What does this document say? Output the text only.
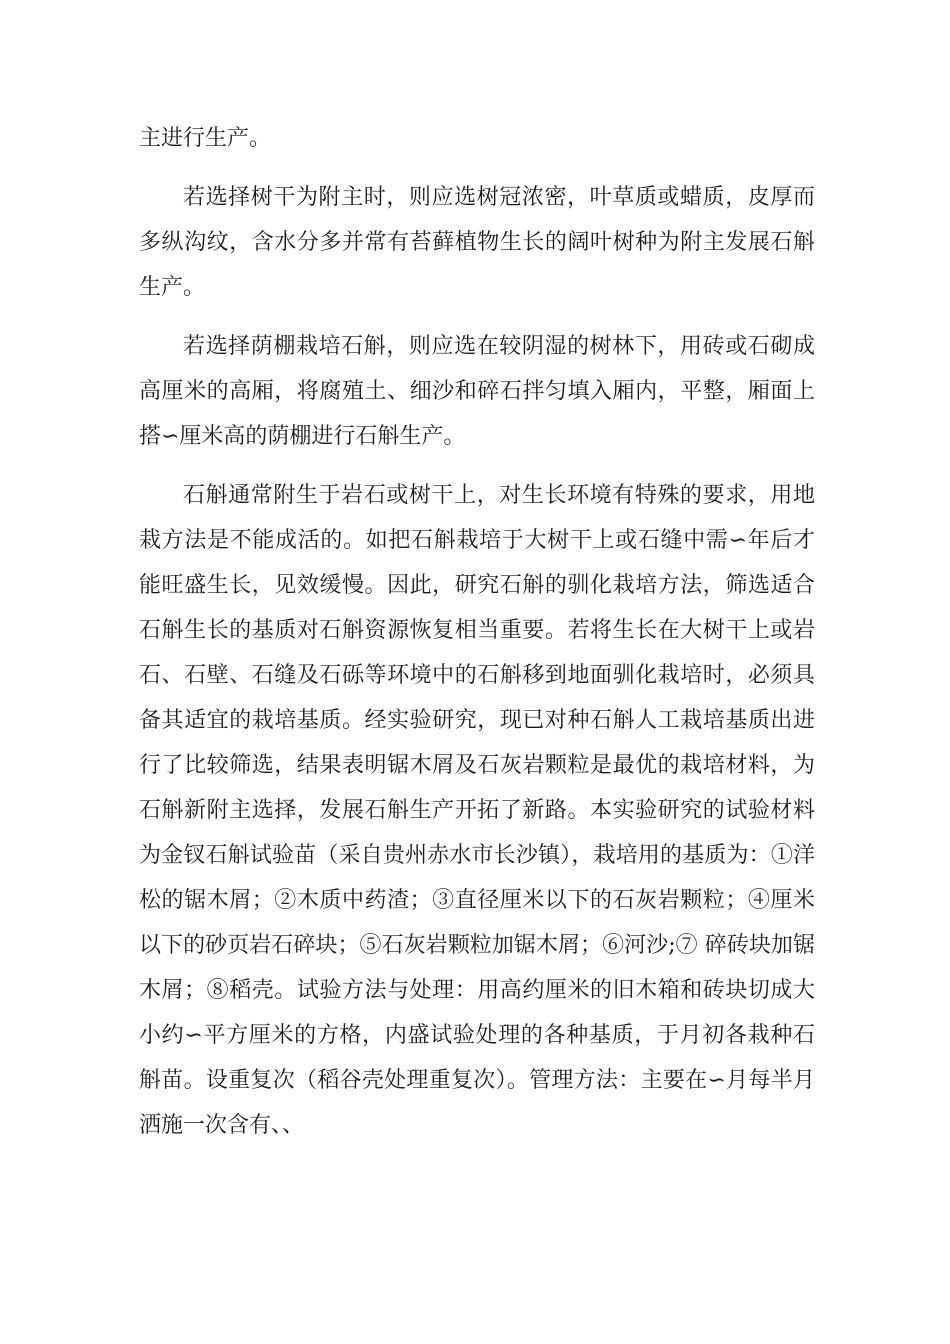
主进行生产。

若选择树干为附主时，则应选树冠浓密，叶草质或蜡质，皮厚而多纵沟纹，含水分多并常有苔藓植物生长的阔叶树种为附主发展石斛生产。

若选择荫棚栽培石斛，则应选在较阴湿的树林下，用砖或石砌成高厘米的高厢，将腐殖土、细沙和碎石拌匀填入厢内，平整，厢面上搭∽厘米高的荫棚进行石斛生产。

石斛通常附生于岩石或树干上，对生长环境有特殊的要求，用地栽方法是不能成活的。如把石斛栽培于大树干上或石缝中需∽年后才能旺盛生长，见效缓慢。因此，研究石斛的驯化栽培方法，筛选适合石斛生长的基质对石斛资源恢复相当重要。若将生长在大树干上或岩石、石壁、石缝及石砾等环境中的石斛移到地面驯化栽培时，必须具备其适宜的栽培基质。经实验研究，现已对种石斛人工栽培基质出进行了比较筛选，结果表明锯木屑及石灰岩颗粒是最优的栽培材料，为石斛新附主选择，发展石斛生产开拓了新路。本实验研究的试验材料为金钗石斛试验苗（采自贵州赤水市长沙镇），栽培用的基质为：①洋松的锯木屑；②木质中药渣；③直径厘米以下的石灰岩颗粒；④厘米以下的砂页岩石碎块；⑤石灰岩颗粒加锯木屑；⑥河沙;⑦ 碎砖块加锯木屑；⑧稻壳。试验方法与处理：用高约厘米的旧木箱和砖块切成大小约∽平方厘米的方格，内盛试验处理的各种基质，于月初各栽种石斛苗。设重复次（稻谷壳处理重复次）。管理方法：主要在∽月每半月洒施一次含有、、
